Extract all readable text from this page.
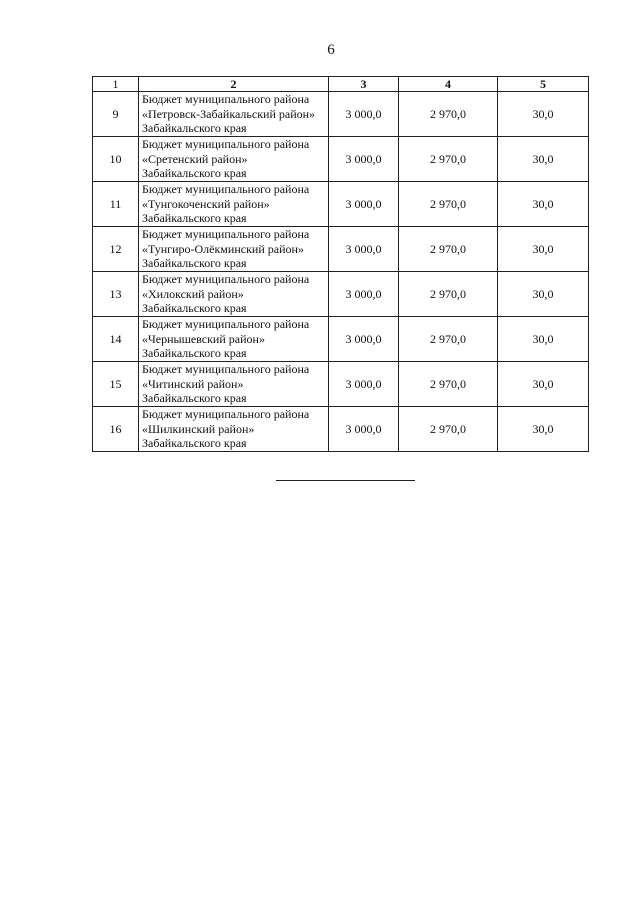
6
1	2	3	4	5
9	Бюджет муниципального района
«Петровск-Забайкальский район»
Забайкальского края	3 000,0	2 970,0	30,0
10	Бюджет муниципального района
«Сретенский район»
Забайкальского края	3 000,0	2 970,0	30,0
11	Бюджет муниципального района
«Тунгокоченский район»
Забайкальского края	3 000,0	2 970,0	30,0
12	Бюджет муниципального района
«Тунгиро-Олёкминский район»
Забайкальского края	3 000,0	2 970,0	30,0
13	Бюджет муниципального района
«Хилокский район»
Забайкальского края	3 000,0	2 970,0	30,0
14	Бюджет муниципального района
«Чернышевский район»
Забайкальского края	3 000,0	2 970,0	30,0
15	Бюджет муниципального района
«Читинский район»
Забайкальского края	3 000,0	2 970,0	30,0
16	Бюджет муниципального района
«Шилкинский район»
Забайкальского края	3 000,0	2 970,0	30,0
